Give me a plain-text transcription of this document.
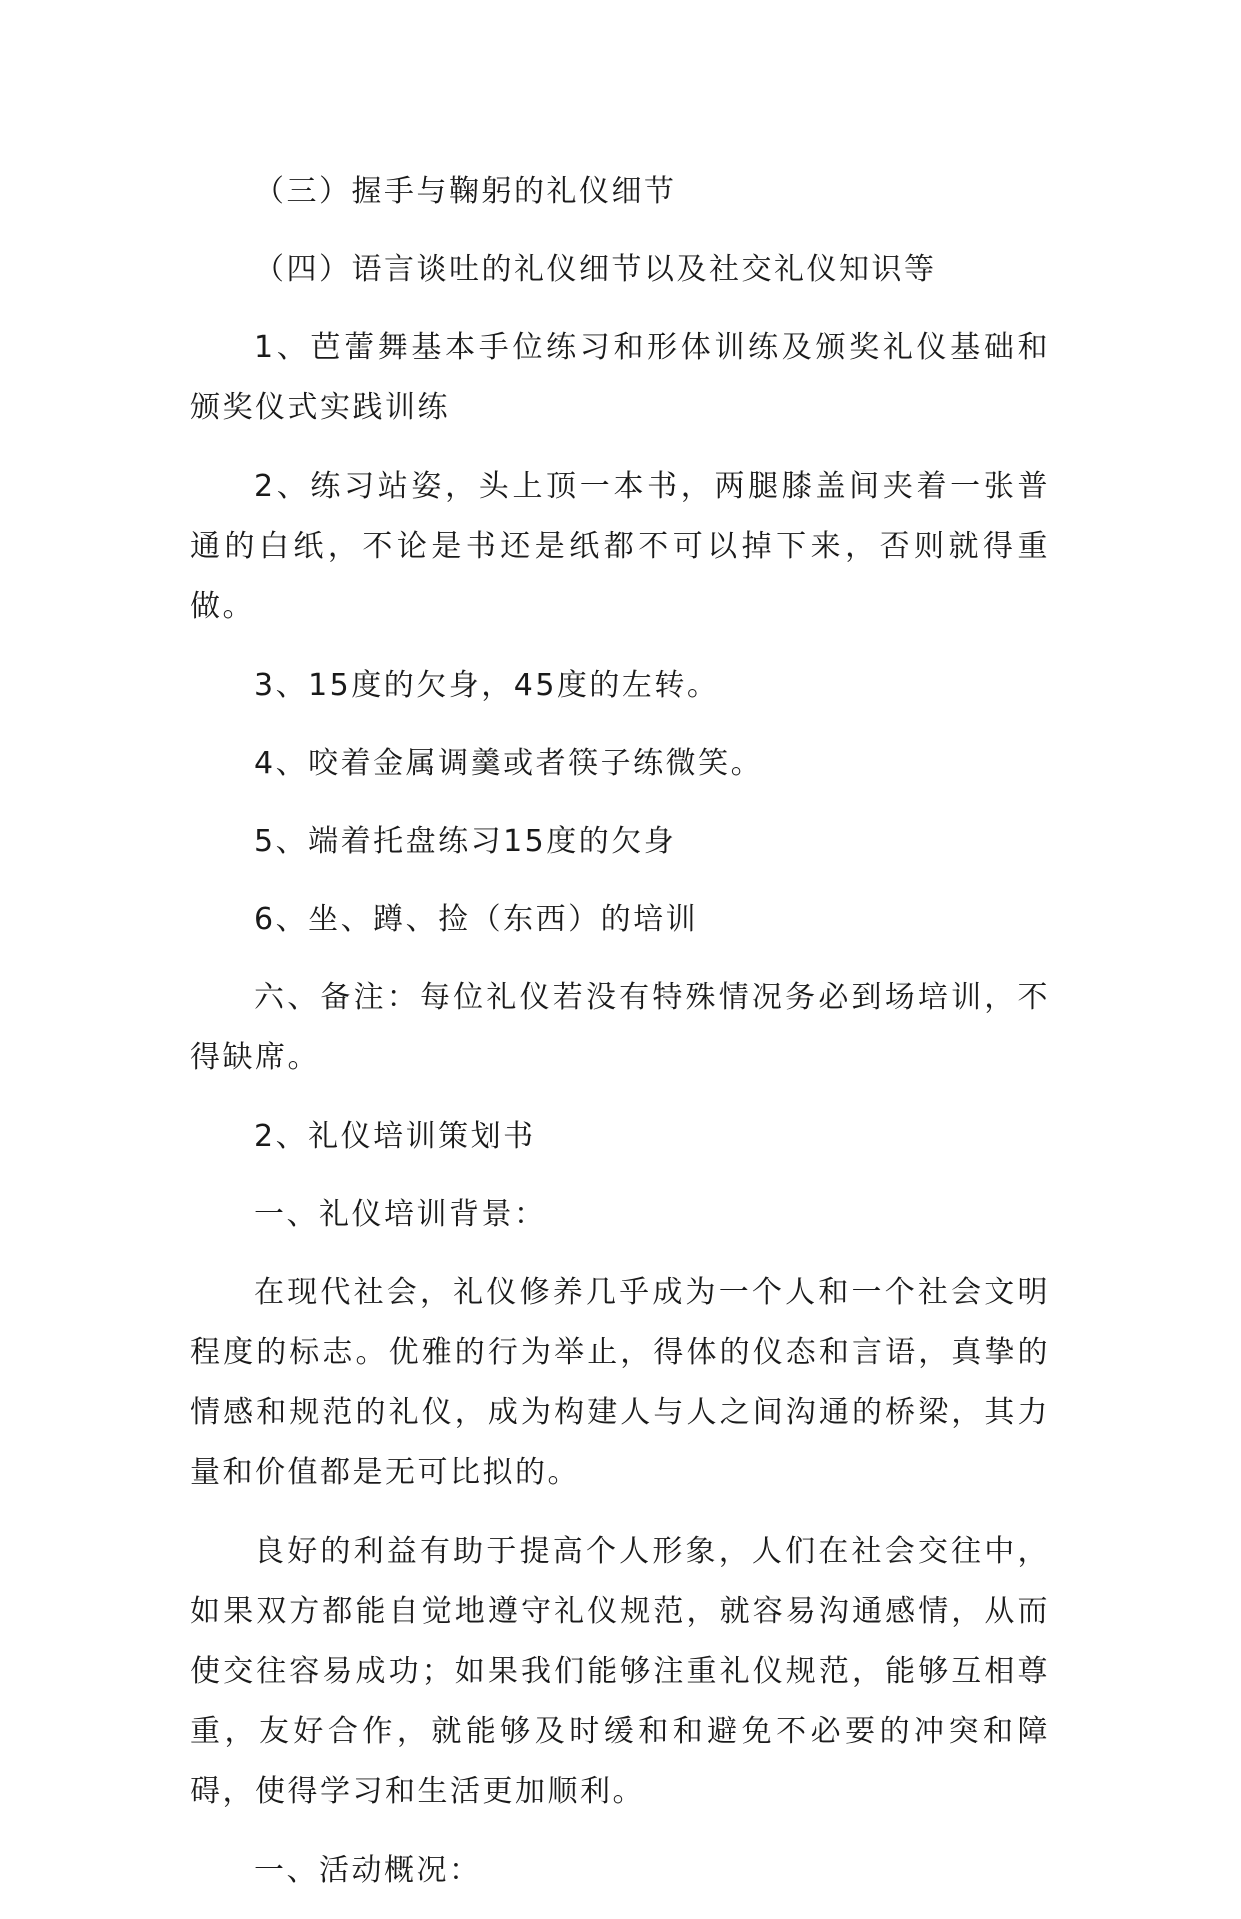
（三）握手与鞠躬的礼仪细节

（四）语言谈吐的礼仪细节以及社交礼仪知识等

1、芭蕾舞基本手位练习和形体训练及颁奖礼仪基础和颁奖仪式实践训练

2、练习站姿，头上顶一本书，两腿膝盖间夹着一张普通的白纸，不论是书还是纸都不可以掉下来，否则就得重做。

3、15度的欠身，45度的左转。

4、咬着金属调羹或者筷子练微笑。

5、端着托盘练习15度的欠身

6、坐、蹲、捡（东西）的培训

六、备注：每位礼仪若没有特殊情况务必到场培训，不得缺席。

2、礼仪培训策划书

一、礼仪培训背景：

在现代社会，礼仪修养几乎成为一个人和一个社会文明程度的标志。优雅的行为举止，得体的仪态和言语，真挚的情感和规范的礼仪，成为构建人与人之间沟通的桥梁，其力量和价值都是无可比拟的。

良好的利益有助于提高个人形象，人们在社会交往中，如果双方都能自觉地遵守礼仪规范，就容易沟通感情，从而使交往容易成功；如果我们能够注重礼仪规范，能够互相尊重，友好合作，就能够及时缓和和避免不必要的冲突和障碍，使得学习和生活更加顺利。

一、活动概况：
